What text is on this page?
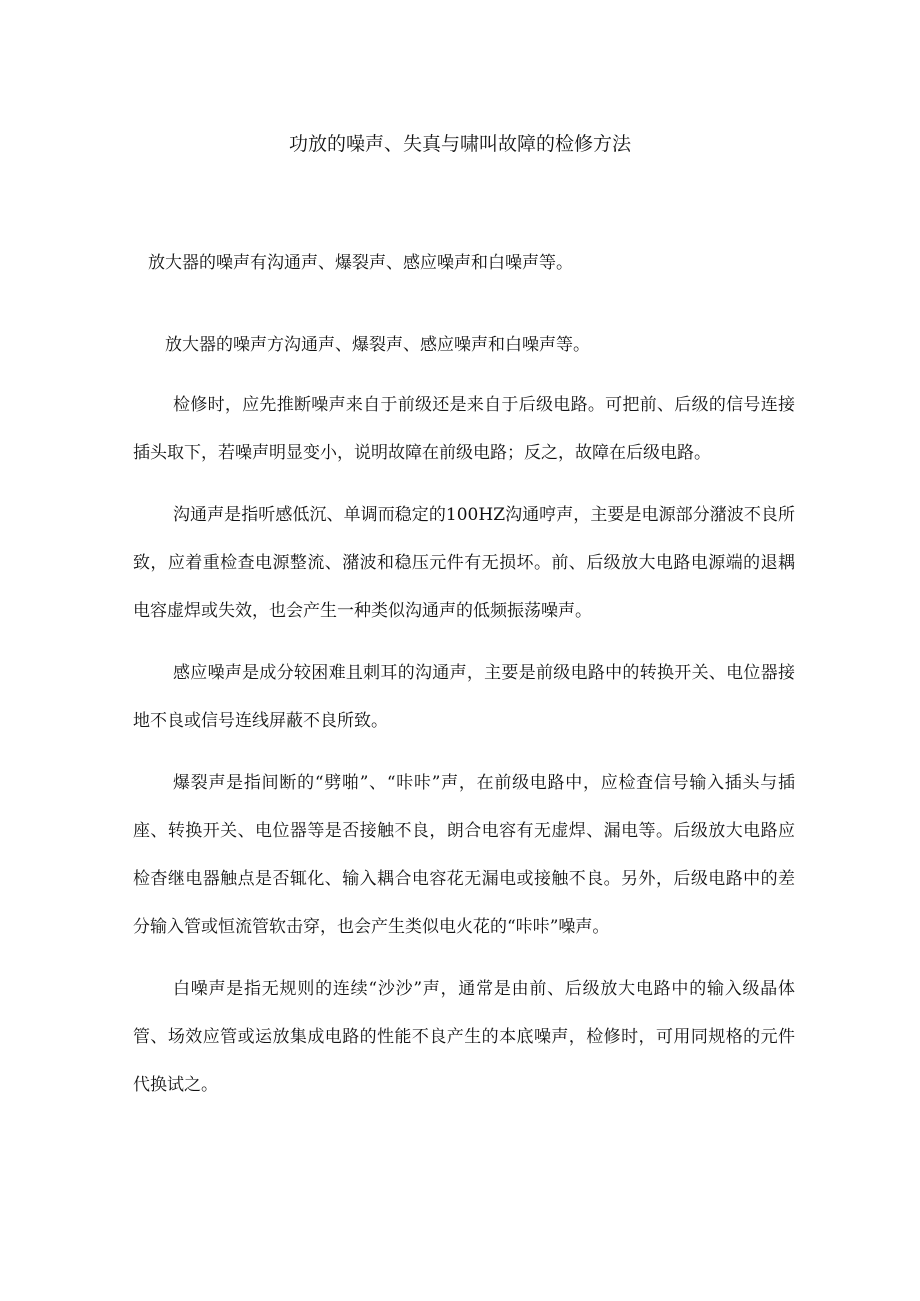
功放的噪声、失真与啸叫故障的检修方法

放大器的噪声有沟通声、爆裂声、感应噪声和白噪声等。

放大器的噪声方沟通声、爆裂声、感应噪声和白噪声等。

检修时，应先推断噪声来自于前级还是来自于后级电路。可把前、后级的信号连接插头取下，若噪声明显变小，说明故障在前级电路；反之，故障在后级电路。

沟通声是指听感低沉、单调而稳定的100HZ沟通哼声，主要是电源部分潴波不良所致，应着重检查电源整流、潴波和稳压元件有无损坏。前、后级放大电路电源端的退耦电容虚焊或失效，也会产生一种类似沟通声的低频振荡噪声。

感应噪声是成分较困难且刺耳的沟通声，主要是前级电路中的转换开关、电位器接地不良或信号连线屏蔽不良所致。

爆裂声是指间断的“劈啪”、“咔咔”声，在前级电路中，应检査信号输入插头与插座、转换开关、电位器等是否接触不良，朗合电容有无虚焊、漏电等。后级放大电路应检杳继电器触点是否辄化、输入耦合电容花无漏电或接触不良。另外，后级电路中的差分输入管或恒流管软击穿，也会产生类似电火花的“咔咔”噪声。

白噪声是指无规则的连续“沙沙”声，通常是由前、后级放大电路中的输入级晶体管、场效应管或运放集成电路的性能不良产生的本底噪声，检修时，可用同规格的元件代换试之。
